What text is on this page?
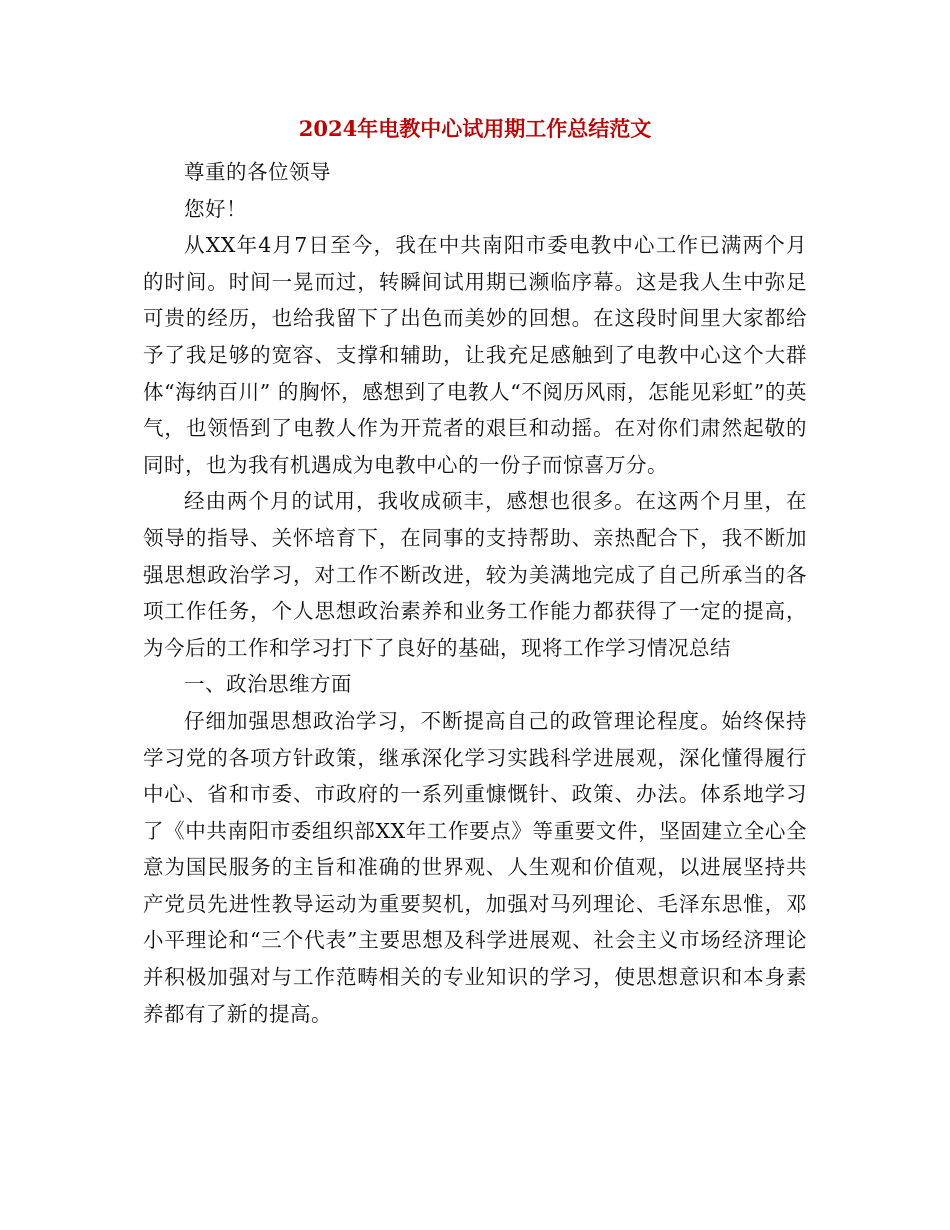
2024年电教中心试用期工作总结范文

尊重的各位领导

您好！

从XX年4月7日至今，我在中共南阳市委电教中心工作已满两个月的时间。时间一晃而过，转瞬间试用期已濒临序幕。这是我人生中弥足可贵的经历，也给我留下了出色而美妙的回想。在这段时间里大家都给予了我足够的宽容、支撑和辅助，让我充足感触到了电教中心这个大群体“海纳百川” 的胸怀，感想到了电教人“不阅历风雨，怎能见彩虹”的英气，也领悟到了电教人作为开荒者的艰巨和动摇。在对你们肃然起敬的同时，也为我有机遇成为电教中心的一份子而惊喜万分。

经由两个月的试用，我收成硕丰，感想也很多。在这两个月里，在领导的指导、关怀培育下，在同事的支持帮助、亲热配合下，我不断加强思想政治学习，对工作不断改进，较为美满地完成了自己所承当的各项工作任务，个人思想政治素养和业务工作能力都获得了一定的提高，为今后的工作和学习打下了良好的基础，现将工作学习情况总结

一、政治思维方面

仔细加强思想政治学习，不断提高自己的政管理论程度。始终保持学习党的各项方针政策，继承深化学习实践科学进展观，深化懂得履行中心、省和市委、市政府的一系列重慷慨针、政策、办法。体系地学习了《中共南阳市委组织部XX年工作要点》等重要文件，坚固建立全心全意为国民服务的主旨和准确的世界观、人生观和价值观，以进展坚持共产党员先进性教导运动为重要契机，加强对马列理论、毛泽东思惟，邓小平理论和“三个代表”主要思想及科学进展观、社会主义市场经济理论并积极加强对与工作范畴相关的专业知识的学习，使思想意识和本身素养都有了新的提高。
